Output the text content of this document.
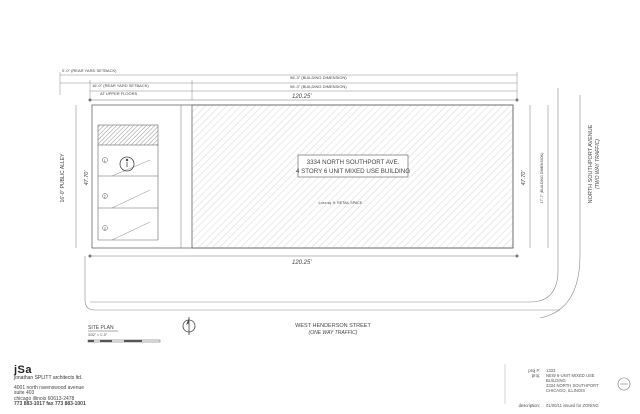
0'-0" (REAR YARD SETBACK)
96'-3" (BUILDING DIMENSION)
16'-0" (REAR YARD SETBACK)
AT UPPER FLOORS
96'-3" (BUILDING DIMENSION)
120.25'
120.25'
1
2
3
3334 NORTH SOUTHPORT AVE.
4 STORY 6 UNIT MIXED USE BUILDING
1,xxx sq. ft. RETAIL SPACE
47.70'	47.70'	47'-7" (BUILDING DIMENSION)
16'-0" PUBLIC ALLEY	NORTH SOUTHPORT AVENUE (TWO WAY TRAFFIC)
WEST HENDERSON STREET
(ONE WAY TRAFFIC)
SITE PLAN
3/32" = 1'-0"
jSa
jonathan SPLITT architects ltd.
4001 north ravenswood avenue
suite 403
chicago illinois 60613-2478
773 883-1017 fax 773 883-1001
proj #:	1333
proj:	NEW 6-UNIT MIXED USE BUILDING
3334 NORTH SOUTHPORT
CHICAGO, ILLINOIS
description:	01/00/11 issued for ZONING
